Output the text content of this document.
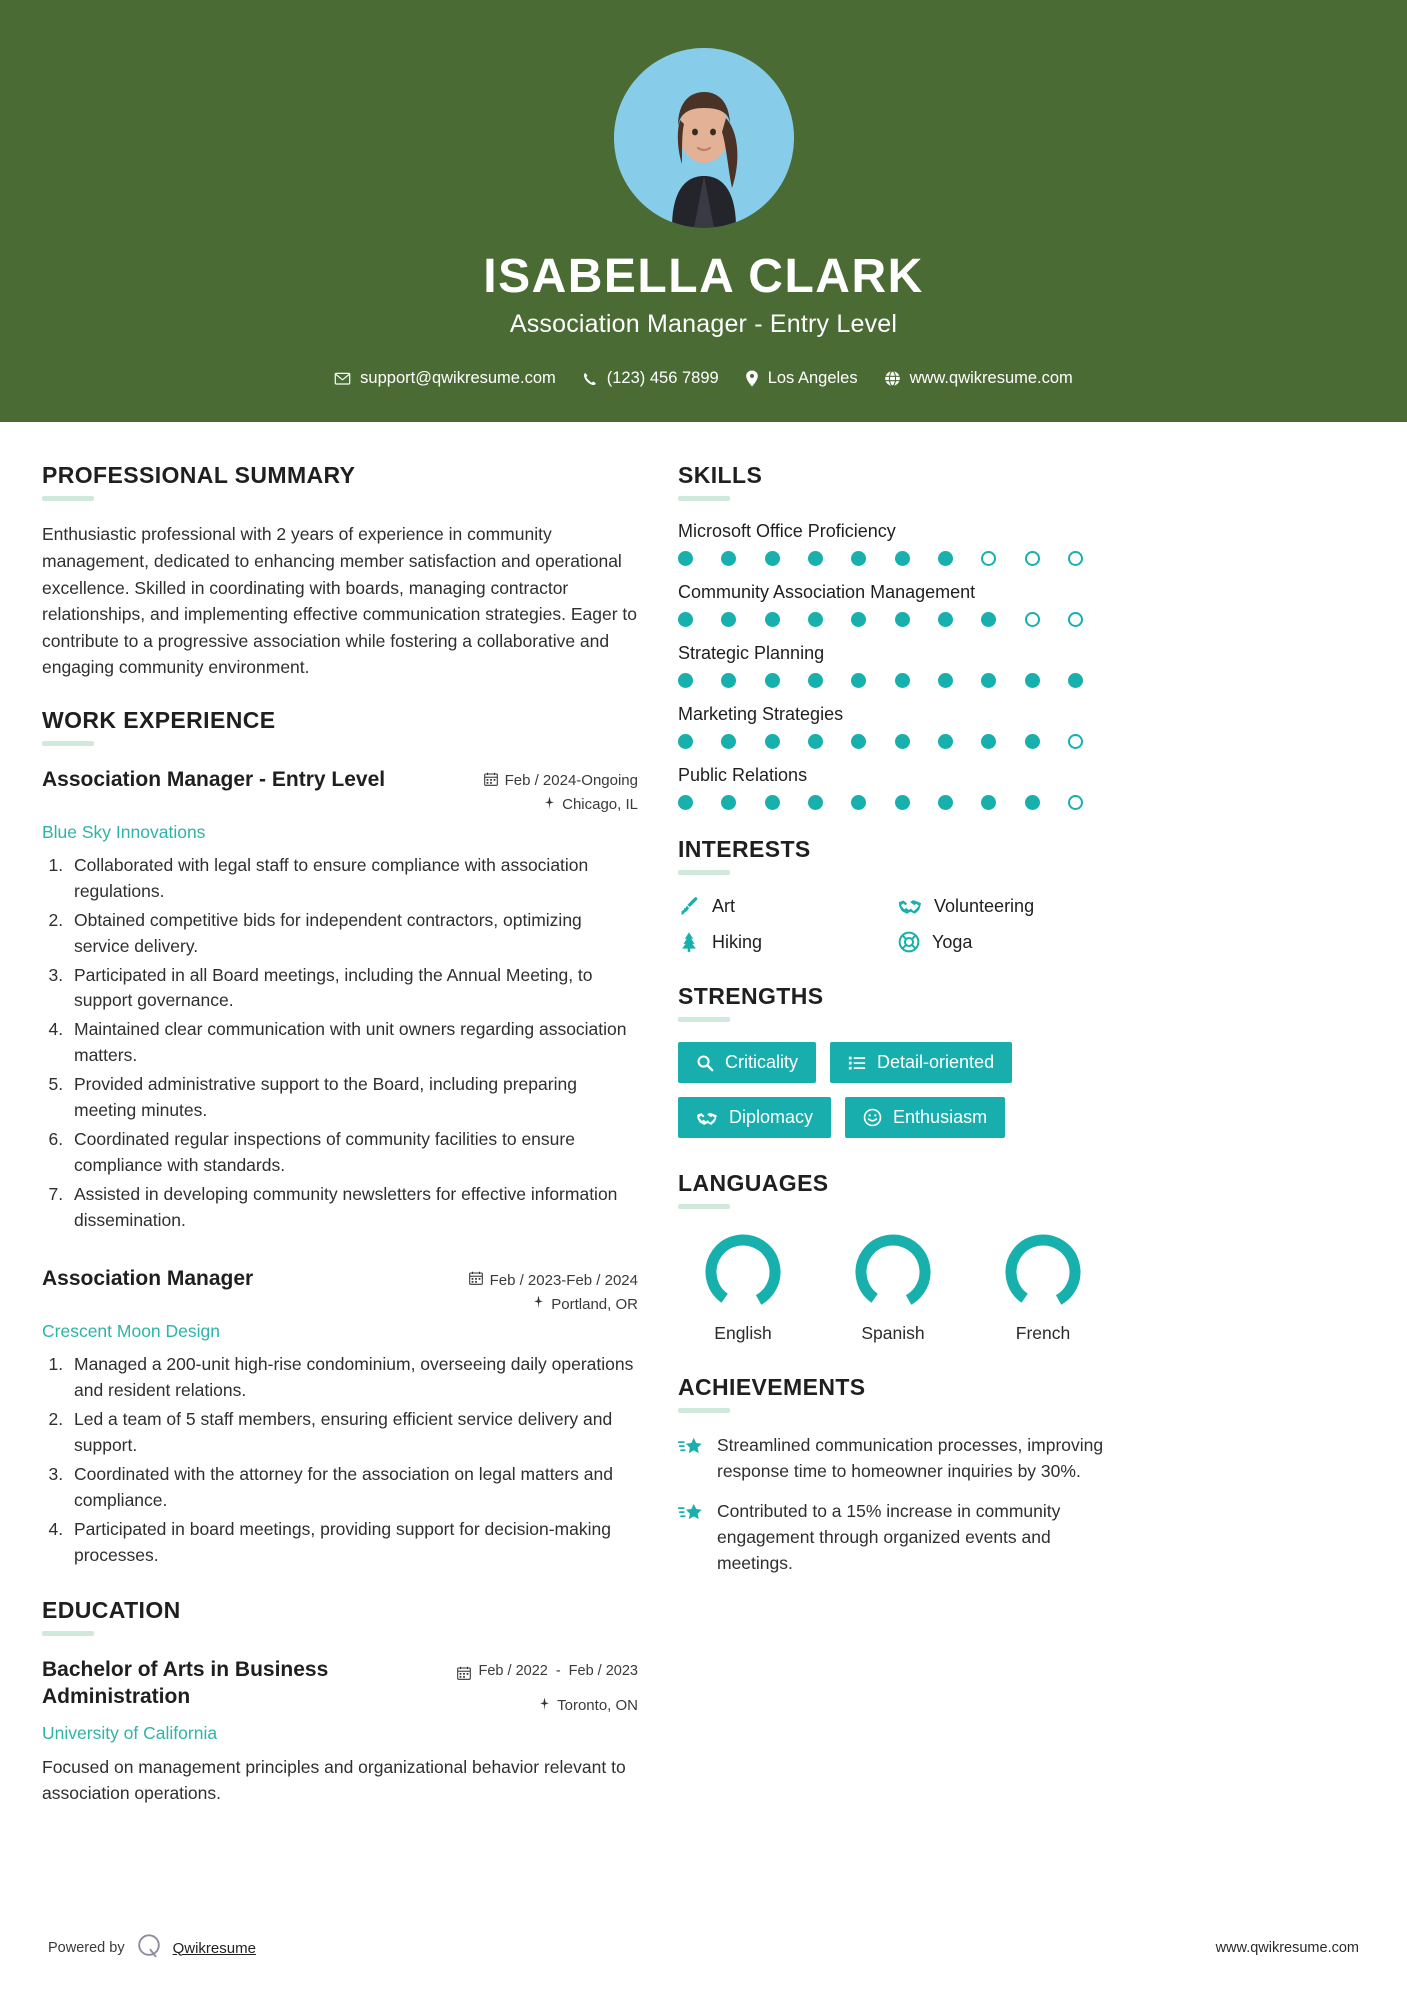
ISABELLA CLARK
Association Manager - Entry Level
support@qwikresume.com	(123) 456 7899	Los Angeles	www.qwikresume.com
PROFESSIONAL SUMMARY
Enthusiastic professional with 2 years of experience in community management, dedicated to enhancing member satisfaction and operational excellence. Skilled in coordinating with boards, managing contractor relationships, and implementing effective communication strategies. Eager to contribute to a progressive association while fostering a collaborative and engaging community environment.
WORK EXPERIENCE
Association Manager - Entry Level	Feb / 2024-Ongoing
Chicago, IL
Blue Sky Innovations
1. Collaborated with legal staff to ensure compliance with association regulations.
2. Obtained competitive bids for independent contractors, optimizing service delivery.
3. Participated in all Board meetings, including the Annual Meeting, to support governance.
4. Maintained clear communication with unit owners regarding association matters.
5. Provided administrative support to the Board, including preparing meeting minutes.
6. Coordinated regular inspections of community facilities to ensure compliance with standards.
7. Assisted in developing community newsletters for effective information dissemination.
Association Manager	Feb / 2023-Feb / 2024
Portland, OR
Crescent Moon Design
1. Managed a 200-unit high-rise condominium, overseeing daily operations and resident relations.
2. Led a team of 5 staff members, ensuring efficient service delivery and support.
3. Coordinated with the attorney for the association on legal matters and compliance.
4. Participated in board meetings, providing support for decision-making processes.
EDUCATION
Bachelor of Arts in Business Administration
Feb / 2022 - Feb / 2023
Toronto, ON
University of California
Focused on management principles and organizational behavior relevant to association operations.
SKILLS
Microsoft Office Proficiency
Community Association Management
Strategic Planning
Marketing Strategies
Public Relations
INTERESTS
Art	Volunteering
Hiking	Yoga
STRENGTHS
Criticality	Detail-oriented
Diplomacy	Enthusiasm
LANGUAGES
English	Spanish	French
ACHIEVEMENTS
Streamlined communication processes, improving response time to homeowner inquiries by 30%.
Contributed to a 15% increase in community engagement through organized events and meetings.
Powered by	Qwikresume	www.qwikresume.com
